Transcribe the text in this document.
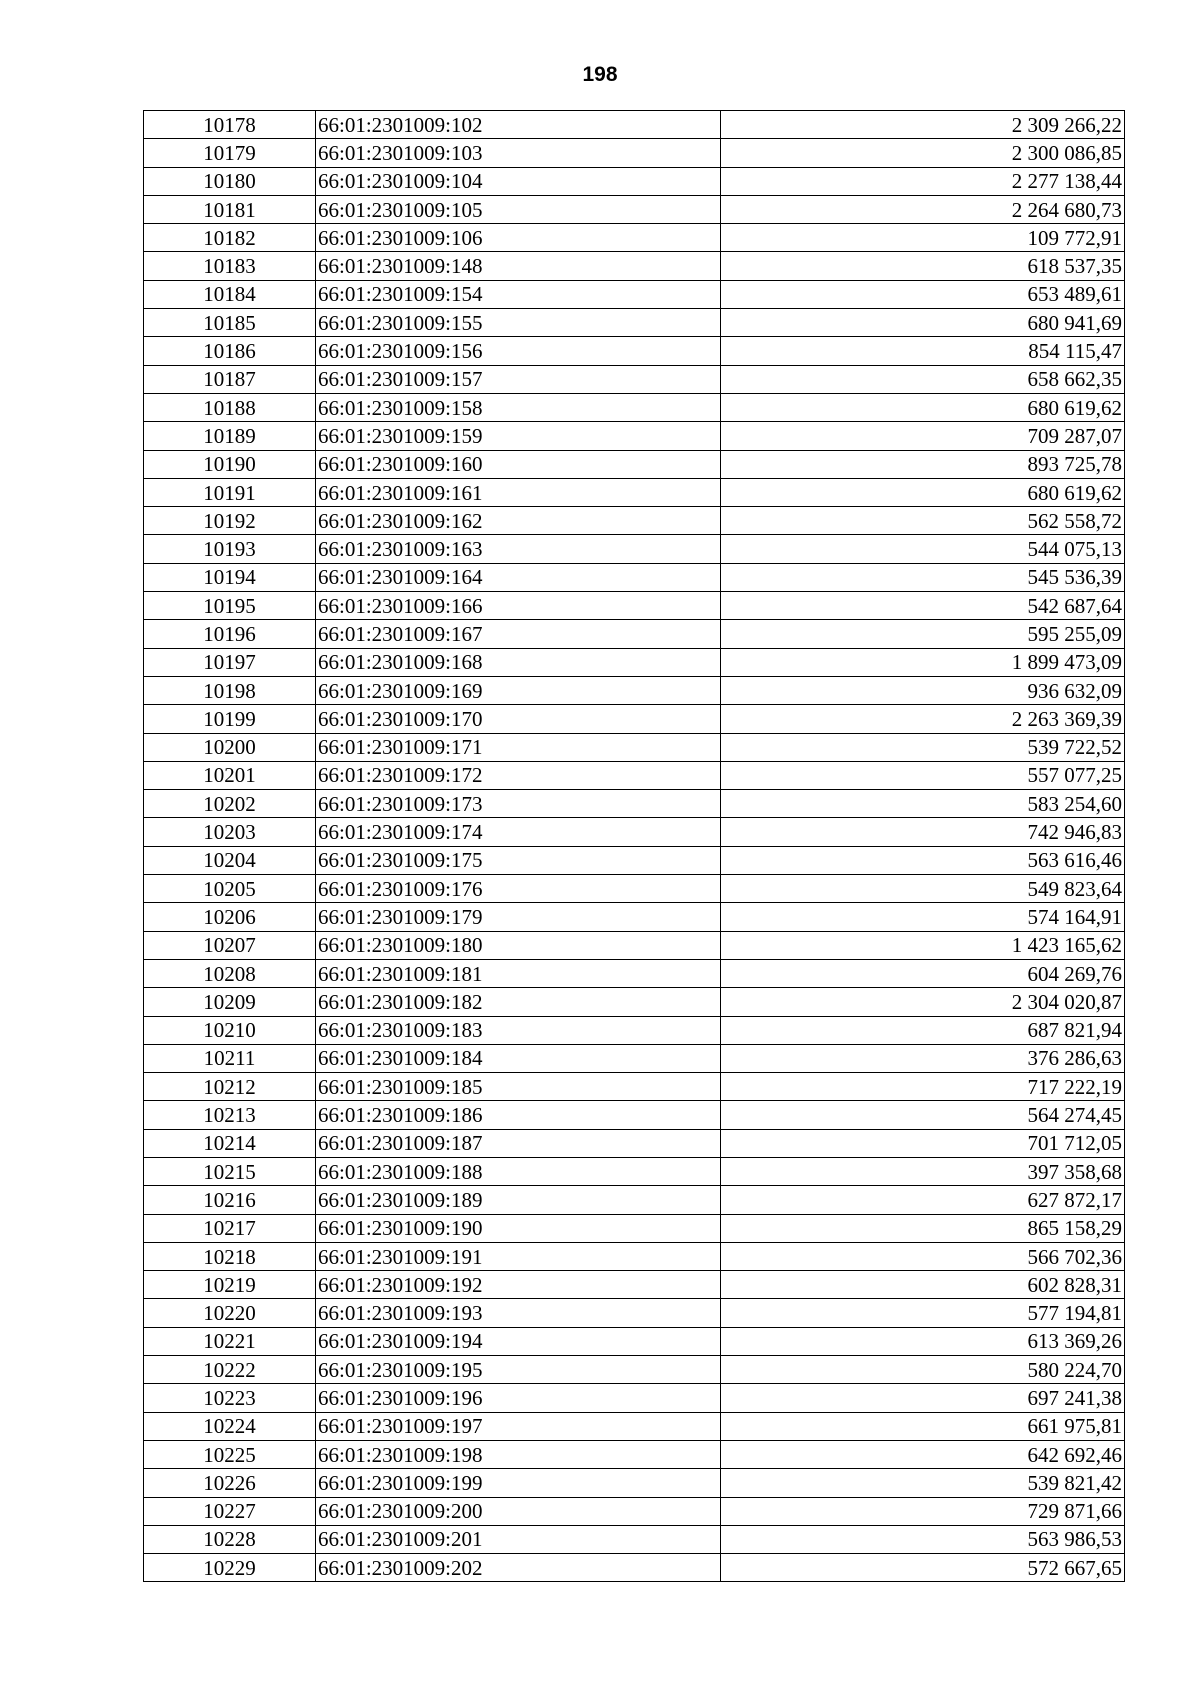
198
10178	66:01:2301009:102	2 309 266,22
10179	66:01:2301009:103	2 300 086,85
10180	66:01:2301009:104	2 277 138,44
10181	66:01:2301009:105	2 264 680,73
10182	66:01:2301009:106	109 772,91
10183	66:01:2301009:148	618 537,35
10184	66:01:2301009:154	653 489,61
10185	66:01:2301009:155	680 941,69
10186	66:01:2301009:156	854 115,47
10187	66:01:2301009:157	658 662,35
10188	66:01:2301009:158	680 619,62
10189	66:01:2301009:159	709 287,07
10190	66:01:2301009:160	893 725,78
10191	66:01:2301009:161	680 619,62
10192	66:01:2301009:162	562 558,72
10193	66:01:2301009:163	544 075,13
10194	66:01:2301009:164	545 536,39
10195	66:01:2301009:166	542 687,64
10196	66:01:2301009:167	595 255,09
10197	66:01:2301009:168	1 899 473,09
10198	66:01:2301009:169	936 632,09
10199	66:01:2301009:170	2 263 369,39
10200	66:01:2301009:171	539 722,52
10201	66:01:2301009:172	557 077,25
10202	66:01:2301009:173	583 254,60
10203	66:01:2301009:174	742 946,83
10204	66:01:2301009:175	563 616,46
10205	66:01:2301009:176	549 823,64
10206	66:01:2301009:179	574 164,91
10207	66:01:2301009:180	1 423 165,62
10208	66:01:2301009:181	604 269,76
10209	66:01:2301009:182	2 304 020,87
10210	66:01:2301009:183	687 821,94
10211	66:01:2301009:184	376 286,63
10212	66:01:2301009:185	717 222,19
10213	66:01:2301009:186	564 274,45
10214	66:01:2301009:187	701 712,05
10215	66:01:2301009:188	397 358,68
10216	66:01:2301009:189	627 872,17
10217	66:01:2301009:190	865 158,29
10218	66:01:2301009:191	566 702,36
10219	66:01:2301009:192	602 828,31
10220	66:01:2301009:193	577 194,81
10221	66:01:2301009:194	613 369,26
10222	66:01:2301009:195	580 224,70
10223	66:01:2301009:196	697 241,38
10224	66:01:2301009:197	661 975,81
10225	66:01:2301009:198	642 692,46
10226	66:01:2301009:199	539 821,42
10227	66:01:2301009:200	729 871,66
10228	66:01:2301009:201	563 986,53
10229	66:01:2301009:202	572 667,65
